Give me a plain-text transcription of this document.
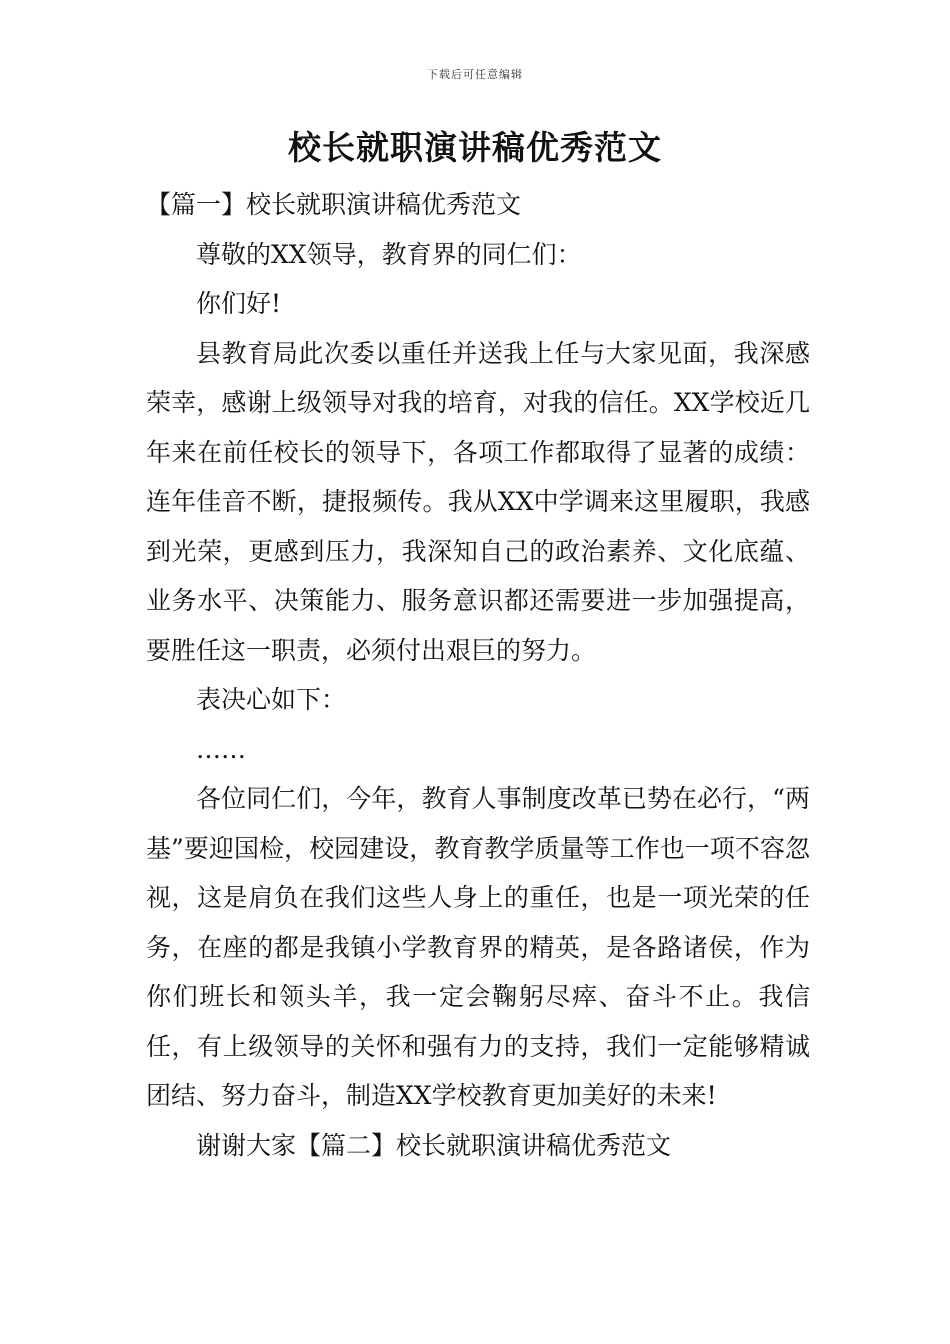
下载后可任意编辑
校长就职演讲稿优秀范文

【篇一】校长就职演讲稿优秀范文

尊敬的XX领导，教育界的同仁们：

你们好!

县教育局此次委以重任并送我上任与大家见面，我深感荣幸，感谢上级领导对我的培育，对我的信任。XX学校近几年来在前任校长的领导下，各项工作都取得了显著的成绩：连年佳音不断，捷报频传。我从XX中学调来这里履职，我感到光荣，更感到压力，我深知自己的政治素养、文化底蕴、业务水平、决策能力、服务意识都还需要进一步加强提高，要胜任这一职责，必须付出艰巨的努力。

表决心如下：

……

各位同仁们，今年，教育人事制度改革已势在必行，“两基”要迎国检，校园建设，教育教学质量等工作也一项不容忽视，这是肩负在我们这些人身上的重任，也是一项光荣的任务，在座的都是我镇小学教育界的精英，是各路诸侯，作为你们班长和领头羊，我一定会鞠躬尽瘁、奋斗不止。我信任，有上级领导的关怀和强有力的支持，我们一定能够精诚团结、努力奋斗，制造XX学校教育更加美好的未来!

谢谢大家【篇二】校长就职演讲稿优秀范文
